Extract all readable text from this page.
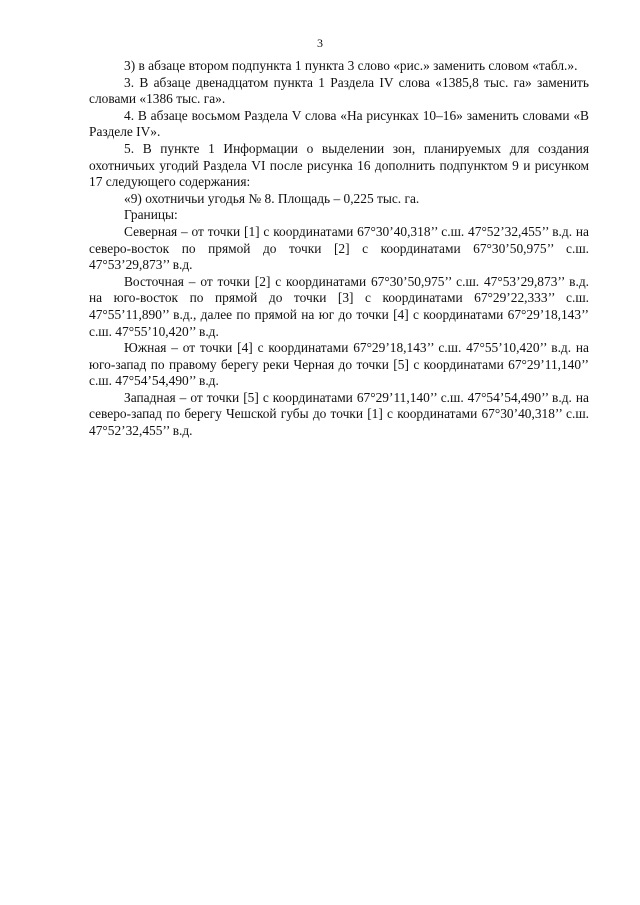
3

3) в абзаце втором подпункта 1 пункта 3 слово «рис.» заменить словом «табл.».

3. В абзаце двенадцатом пункта 1 Раздела IV слова «1385,8 тыс. га» заменить словами «1386 тыс. га».

4. В абзаце восьмом Раздела V слова «На рисунках 10–16» заменить словами «В Разделе IV».

5. В пункте 1 Информации о выделении зон, планируемых для создания охотничьих угодий Раздела VI после рисунка 16 дополнить подпунктом 9 и рисунком 17 следующего содержания:

«9) охотничьи угодья № 8. Площадь – 0,225 тыс. га.

Границы:

Северная – от точки [1] с координатами 67°30’40,318’’ с.ш. 47°52’32,455’’ в.д. на северо-восток по прямой до точки [2] с координатами 67°30’50,975’’ с.ш. 47°53’29,873’’ в.д.

Восточная – от точки [2] с координатами 67°30’50,975’’ с.ш. 47°53’29,873’’ в.д. на юго-восток по прямой до точки [3] с координатами 67°29’22,333’’ с.ш. 47°55’11,890’’ в.д., далее по прямой на юг до точки [4] с координатами 67°29’18,143’’ с.ш. 47°55’10,420’’ в.д.

Южная – от точки [4] с координатами 67°29’18,143’’ с.ш. 47°55’10,420’’ в.д. на юго-запад по правому берегу реки Черная до точки [5] с координатами 67°29’11,140’’ с.ш. 47°54’54,490’’ в.д.

Западная – от точки [5] с координатами 67°29’11,140’’ с.ш. 47°54’54,490’’ в.д. на северо-запад по берегу Чешской губы до точки [1] с координатами 67°30’40,318’’ с.ш. 47°52’32,455’’ в.д.
